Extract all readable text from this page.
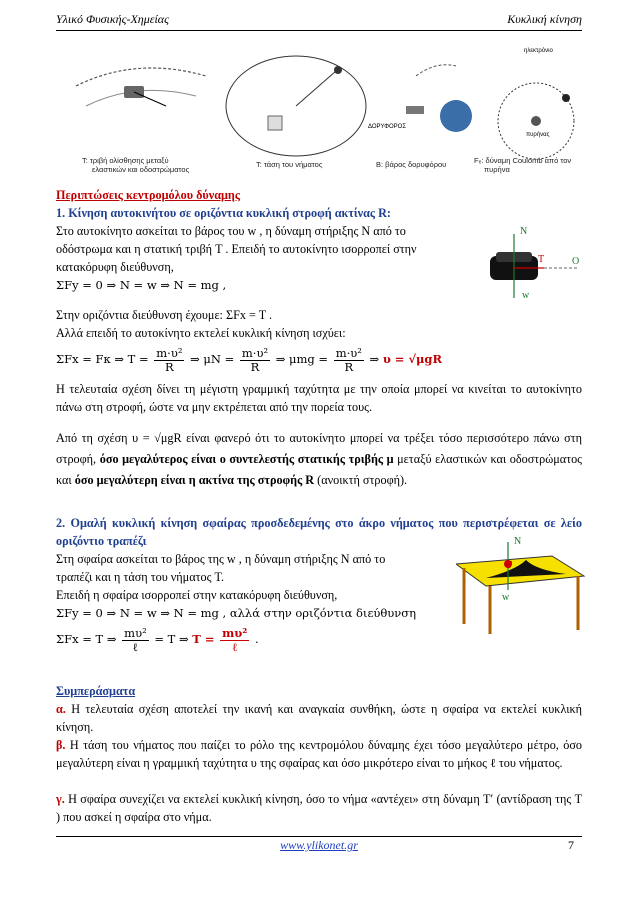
Υλικό Φυσικής-Χημείας	Κυκλική κίνηση
ΔΟΡΥΦΟΡΟΣ
ηλεκτρόνιο
πυρήνας
T: τριβή ολίσθησης μεταξύ
ελαστικών και οδοστρώματος
T: τάση του νήματος	B: βάρος δορυφόρου	Fₑ: δύναμη Coulomb από τον
πυρήνα
Περιπτώσεις κεντρομόλου δύναμης
1. Κίνηση αυτοκινήτου σε οριζόντια κυκλική στροφή ακτίνας R:
Στο αυτοκίνητο ασκείται το βάρος του w , η δύναμη στήριξης N από το
οδόστρωμα και η στατική τριβή T . Επειδή το αυτοκίνητο ισορροπεί στην
κατακόρυφη διεύθυνση,
ΣFy = 0 ⇒ N = w ⇒ N = mg ,
N
T	O
w
Στην οριζόντια διεύθυνση έχουμε: ΣFx = T .
Αλλά επειδή το αυτοκίνητο εκτελεί κυκλική κίνηση ισχύει:
ΣFx = Fκ ⇒ $T = \frac{\text{m·υ²}}{R}$ ⇒ $\mu N = \frac{\text{m·υ²}}{R}$ ⇒ $\mu mg = \frac{\text{m·υ²}}{R}$ ⇒ υ = √μgR
Η τελευταία σχέση δίνει τη μέγιστη γραμμική ταχύτητα με την οποία μπορεί να κινείται το αυτοκίνητο πάνω στη στροφή, ώστε να μην εκτρέπεται από την πορεία τους.
Από τη σχέση υ = √μgR είναι φανερό ότι το αυτοκίνητο μπορεί να τρέξει τόσο περισσότερο πάνω στη στροφή, όσο μεγαλύτερος είναι ο συντελεστής στατικής τριβής μ μεταξύ ελαστικών και οδοστρώματος και όσο μεγαλύτερη είναι η ακτίνα της στροφής R (ανοικτή στροφή).
2. Ομαλή κυκλική κίνηση σφαίρας προσδεδεμένης στο άκρο νήματος που περιστρέφεται σε λείο οριζόντιο τραπέζι
Στη σφαίρα ασκείται το βάρος της w , η δύναμη στήριξης N από το
τραπέζι και η τάση του νήματος T.
Επειδή η σφαίρα ισορροπεί στην κατακόρυφη διεύθυνση,
N
T
w
ΣFy = 0 ⇒ N = w ⇒ N = mg , αλλά στην οριζόντια διεύθυνση
ΣFx = T ⇒ $\frac{\text{mυ²}}{\text{ℓ}} = T$ ⇒ $T = \frac{\text{mυ²}}{\text{ℓ}}$ .
Συμπεράσματα
α. Η τελευταία σχέση αποτελεί την ικανή και αναγκαία συνθήκη, ώστε η σφαίρα να εκτελεί κυκλική κίνηση.
β. Η τάση του νήματος που παίζει το ρόλο της κεντρομόλου δύναμης έχει τόσο μεγαλύτερο μέτρο, όσο μεγαλύτερη είναι η γραμμική ταχύτητα υ της σφαίρας και όσο μικρότερο είναι το μήκος ℓ του νήματος.
γ. Η σφαίρα συνεχίζει να εκτελεί κυκλική κίνηση, όσο το νήμα «αντέχει» στη δύναμη T′ (αντίδραση της T ) που ασκεί η σφαίρα στο νήμα.
www.ylikonet.gr	7
